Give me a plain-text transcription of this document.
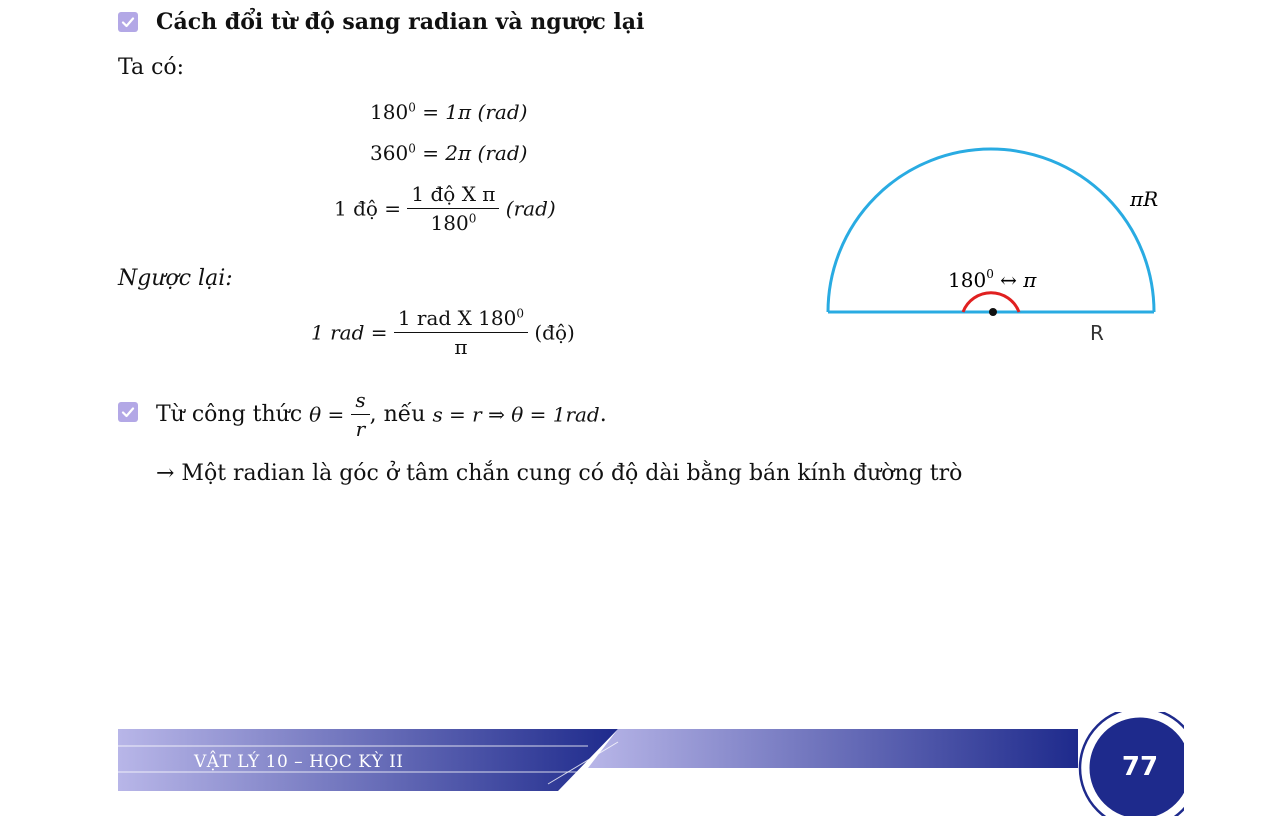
Cách đổi từ độ sang radian và ngược lại
Ta có:
$180^0 = 1\pi$ (rad)
$360^0 = 2\pi$ (rad)
1 độ = $\frac{\text{1 độ X π}}{180^0} (rad)$
Ngược lại:
1 rad = $\frac{1 rad X 180^0}{\pi}$ (độ)
Từ công thức $\theta = \frac{s}{r}$ , nếu s = r ⇒ θ = 1rad.
→ Một radian là góc ở tâm chắn cung có độ dài bằng bán kính đường trò
πR
$180^0$ ↔ π
R
VẬT LÝ 10 – HỌC KỲ II	77
